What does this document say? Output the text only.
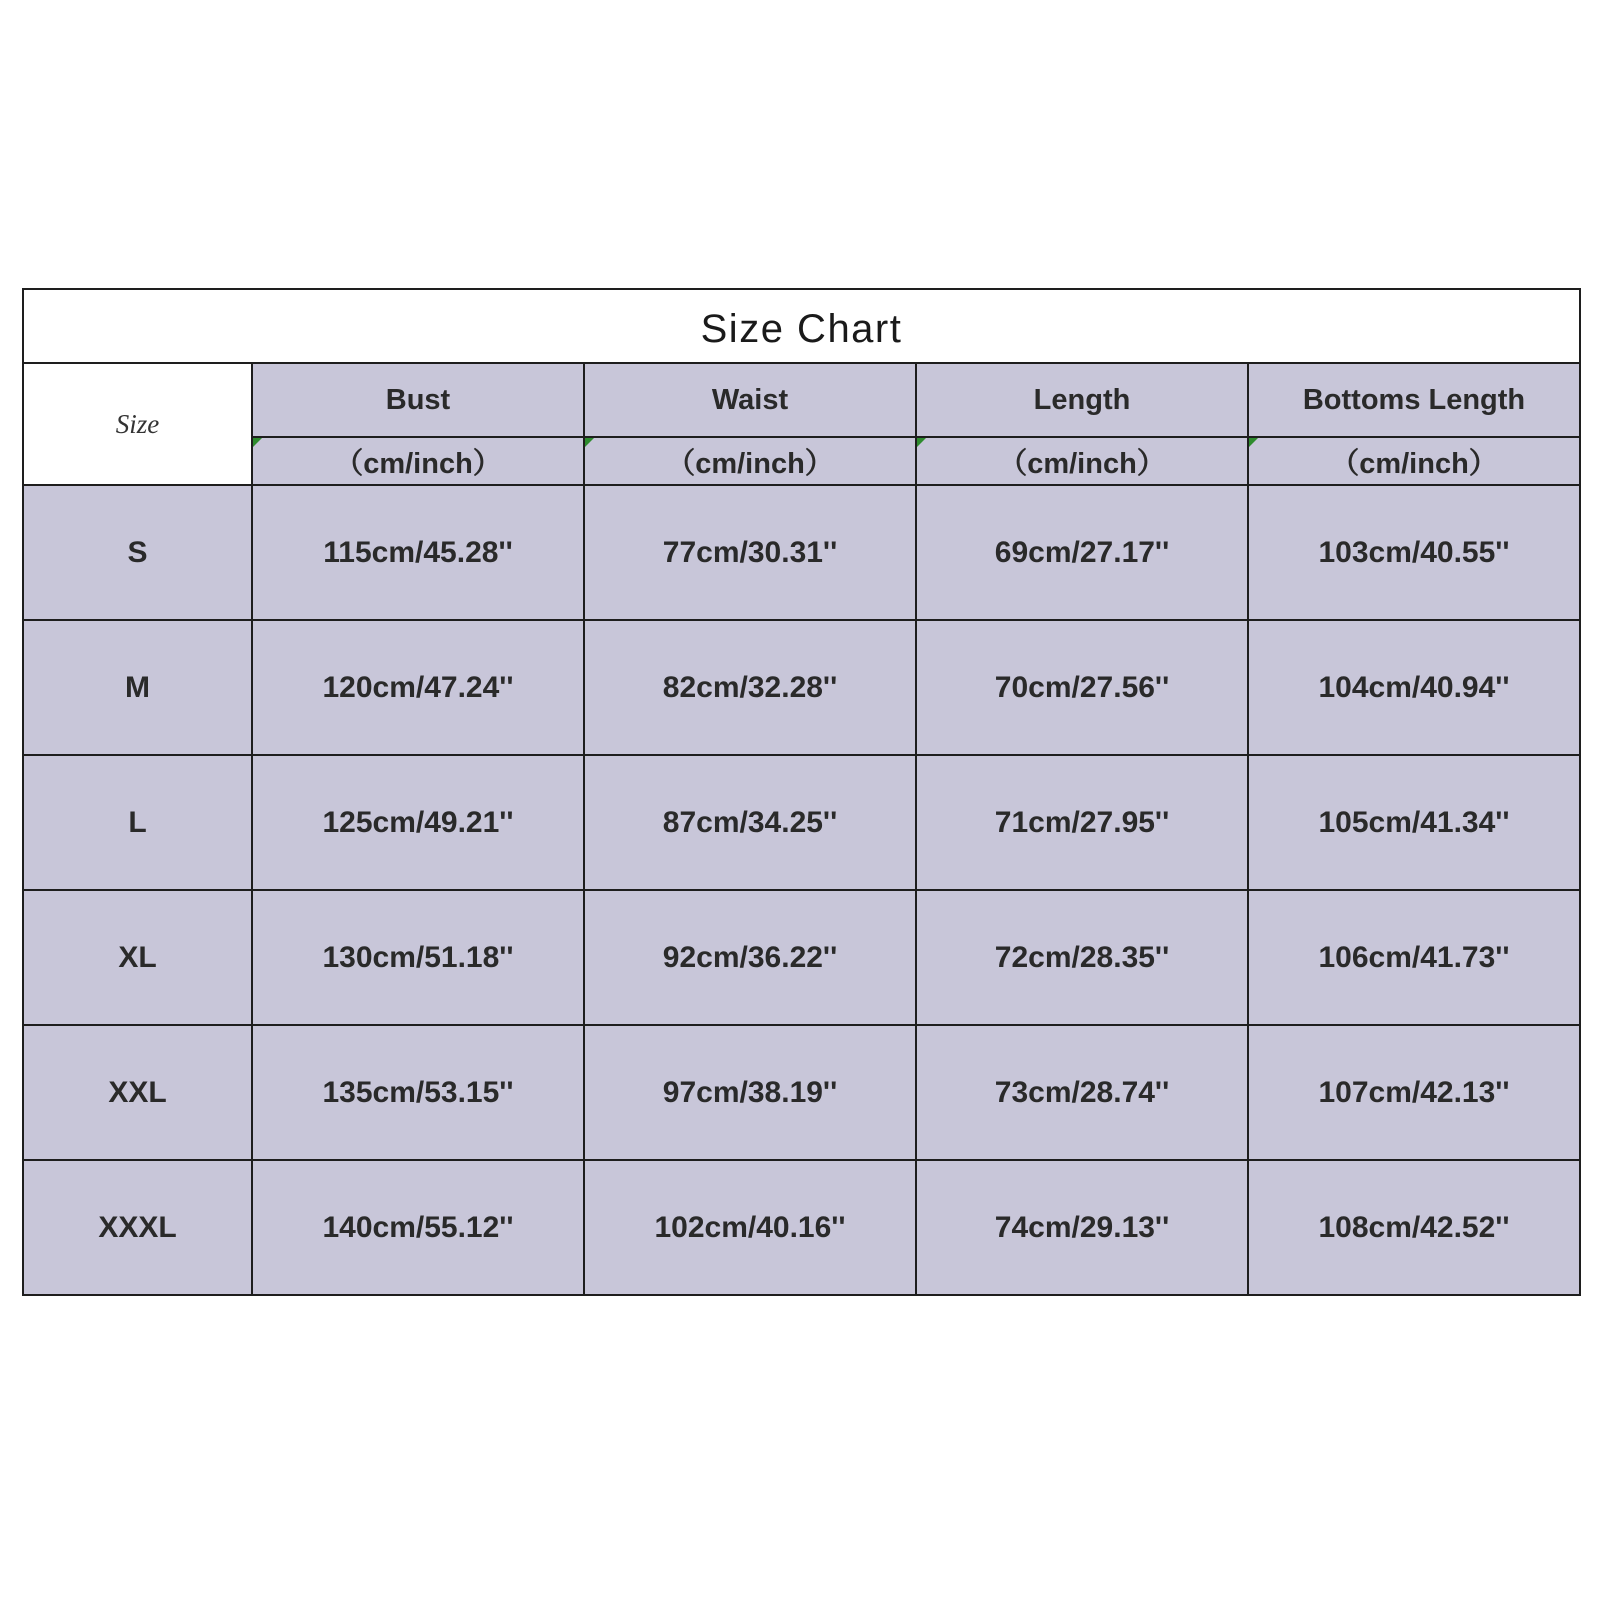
Size Chart				
Size	Bust	Waist	Length	Bottoms Length

（cm/inch）	（cm/inch）	（cm/inch）	（cm/inch）
S	115cm/45.28''	77cm/30.31''	69cm/27.17''	103cm/40.55''
M	120cm/47.24''	82cm/32.28''	70cm/27.56''	104cm/40.94''
L	125cm/49.21''	87cm/34.25''	71cm/27.95''	105cm/41.34''
XL	130cm/51.18''	92cm/36.22''	72cm/28.35''	106cm/41.73''
XXL	135cm/53.15''	97cm/38.19''	73cm/28.74''	107cm/42.13''
XXXL	140cm/55.12''	102cm/40.16''	74cm/29.13''	108cm/42.52''
